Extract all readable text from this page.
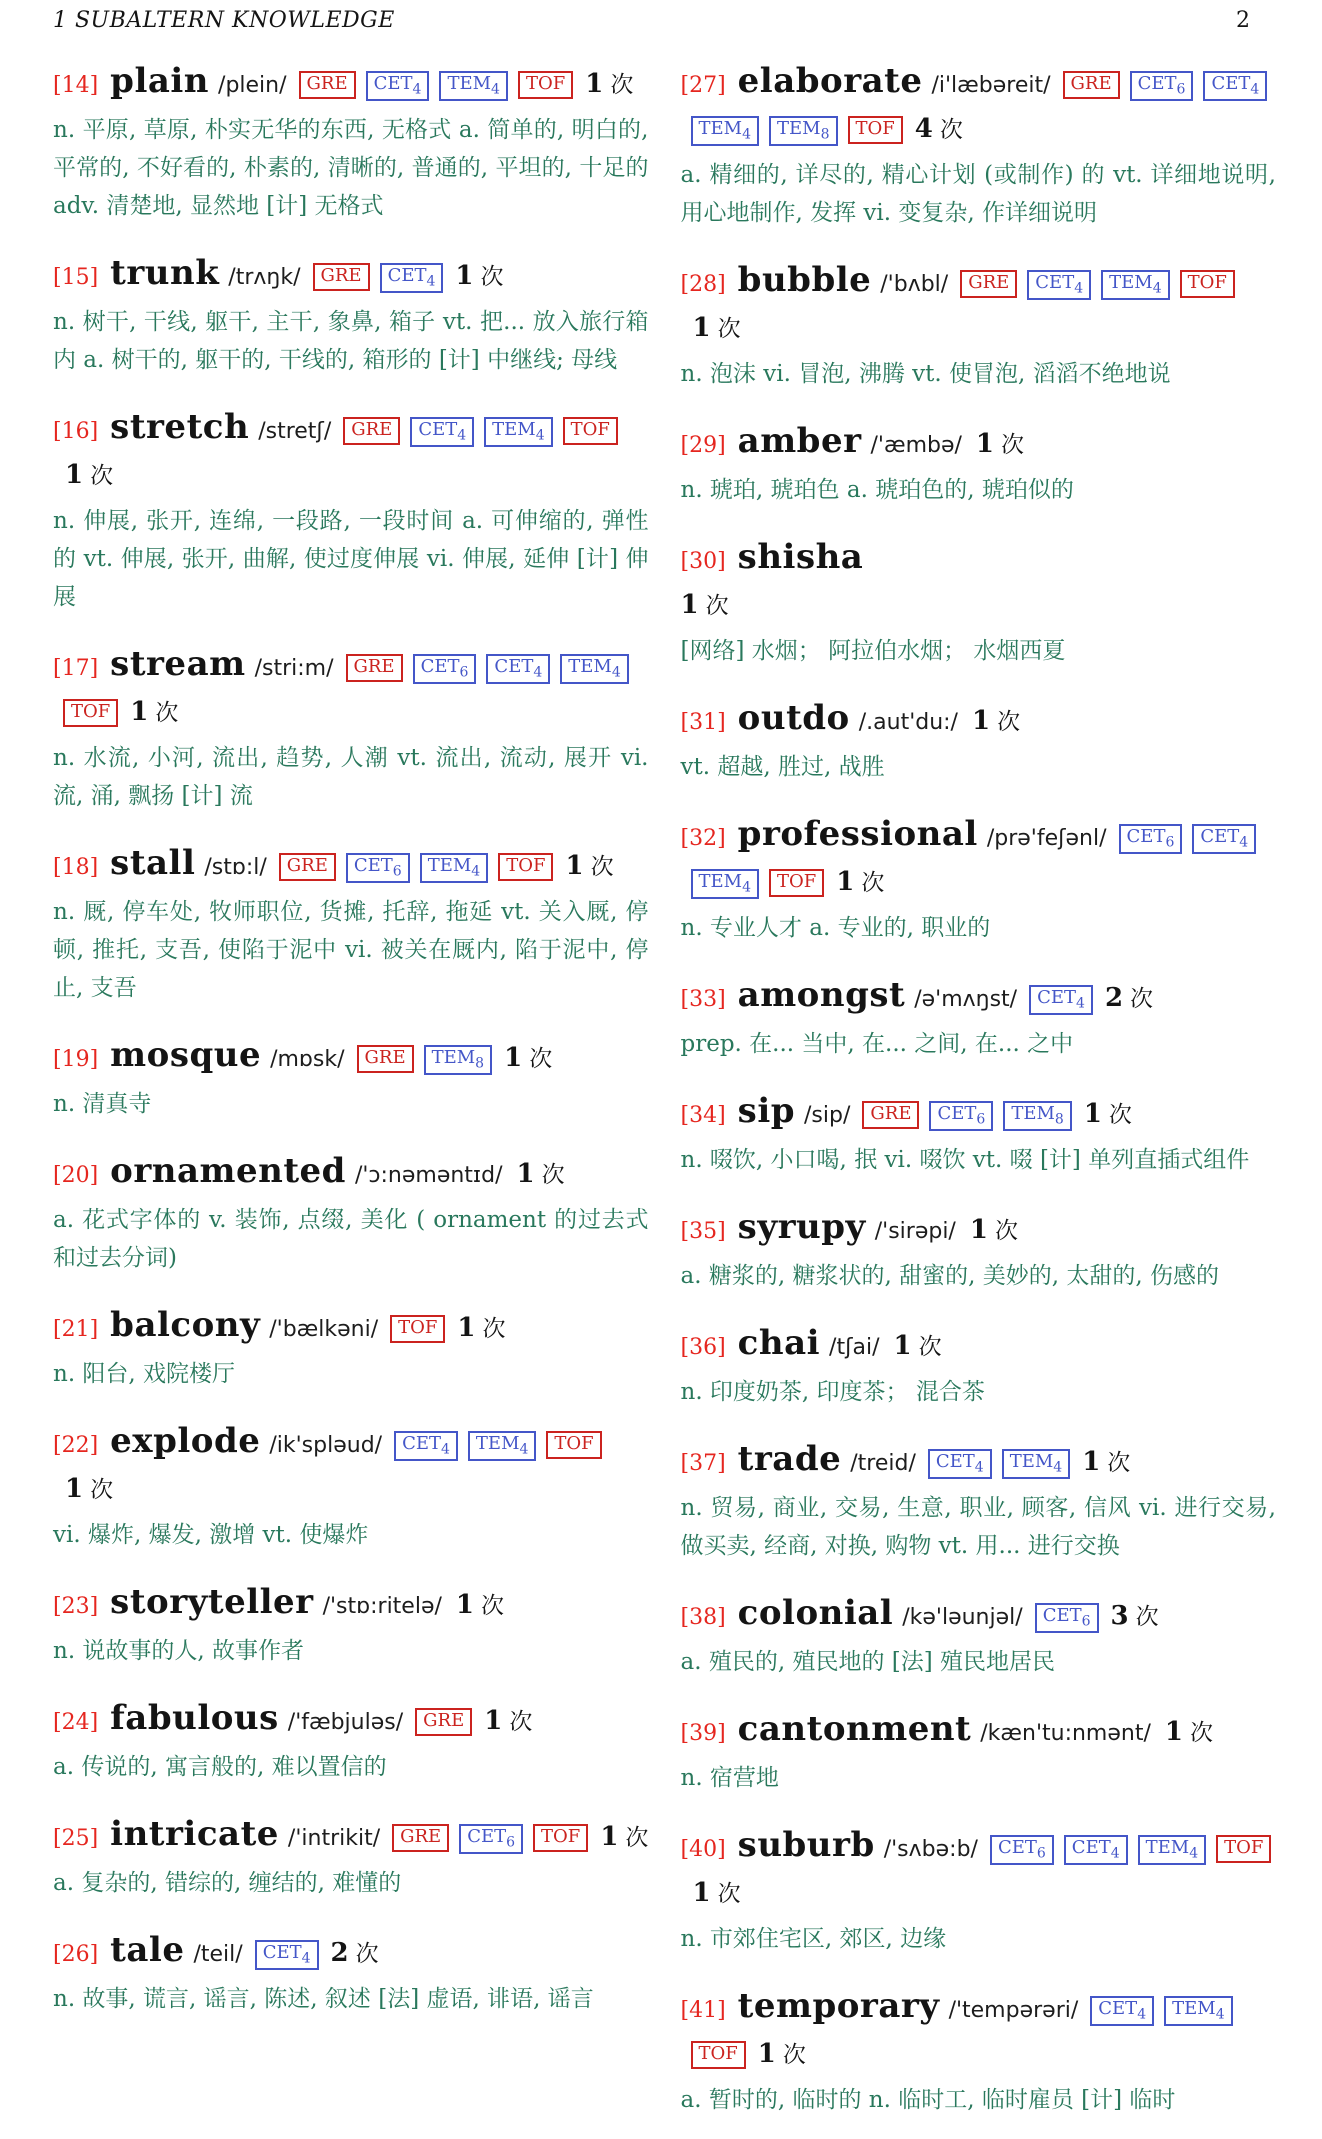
1 SUBALTERN KNOWLEDGE	2
[14] plain /plein/ GRE $CET_4$ $TEM_4$ TOF 1 次
n. 平原, 草原, 朴实无华的东西, 无格式 a. 简单的, 明白的, 平常的, 不好看的, 朴素的, 清晰的, 普通的, 平坦的, 十足的 adv. 清楚地, 显然地 [计] 无格式
[15] trunk /trʌŋk/ GRE $CET_4$ 1 次
n. 树干, 干线, 躯干, 主干, 象鼻, 箱子 vt. 把... 放入旅行箱内 a. 树干的, 躯干的, 干线的, 箱形的 [计] 中继线; 母线
[16] stretch /stretʃ/ GRE $CET_4$ $TEM_4$ TOF1 次
n. 伸展, 张开, 连绵, 一段路, 一段时间 a. 可伸缩的, 弹性的 vt. 伸展, 张开, 曲解, 使过度伸展 vi. 伸展, 延伸 [计] 伸展
[17] stream /stri:m/ GRE $CET_6$ $CET_4$ $TEM_4TOF$ 1 次
n. 水流, 小河, 流出, 趋势, 人潮 vt. 流出, 流动, 展开 vi. 流, 涌, 飘扬 [计] 流
[18] stall /stɒ:l/ GRE $CET_6$ $TEM_4$ TOF 1 次
n. 厩, 停车处, 牧师职位, 货摊, 托辞, 拖延 vt. 关入厩, 停顿, 推托, 支吾, 使陷于泥中 vi. 被关在厩内, 陷于泥中, 停止, 支吾
[19] mosque /mɒsk/ GRE $TEM_8$ 1 次
n. 清真寺
[20] ornamented /'ɔ:nəməntɪd/ 1 次
a. 花式字体的 v. 装饰, 点缀, 美化 ( ornament 的过去式和过去分词)
[21] balcony /'bælkəni/ TOF 1 次
n. 阳台, 戏院楼厅
[22] explode /ik'spləud/ $CET_4$ $TEM_4$ TOF1 次
vi. 爆炸, 爆发, 激增 vt. 使爆炸
[23] storyteller /'stɒ:ritelə/ 1 次
n. 说故事的人, 故事作者
[24] fabulous /'fæbjuləs/ GRE 1 次
a. 传说的, 寓言般的, 难以置信的
[25] intricate /'intrikit/ GRE $CET_6$ TOF 1 次
a. 复杂的, 错综的, 缠结的, 难懂的
[26] tale /teil/ $CET_4$ 2 次
n. 故事, 谎言, 谣言, 陈述, 叙述 [法] 虚语, 诽语, 谣言
[27] elaborate /i'læbəreit/ GRE $CET_6$ $CET_4TEM_4$ $TEM_8$ TOF 4 次
a. 精细的, 详尽的, 精心计划 (或制作) 的 vt. 详细地说明, 用心地制作, 发挥 vi. 变复杂, 作详细说明
[28] bubble /'bʌbl/ GRE $CET_4$ $TEM_4$ TOF1 次
n. 泡沫 vi. 冒泡, 沸腾 vt. 使冒泡, 滔滔不绝地说
[29] amber /'æmbə/ 1 次
n. 琥珀, 琥珀色 a. 琥珀色的, 琥珀似的
[30] shisha
1 次
[网络] 水烟； 阿拉伯水烟； 水烟西夏
[31] outdo /.aut'du:/ 1 次
vt. 超越, 胜过, 战胜
[32] professional /prə'feʃənl/ $CET_6$ $CET_4TEM_4$ TOF 1 次
n. 专业人才 a. 专业的, 职业的
[33] amongst /ə'mʌŋst/ $CET_4$ 2 次
prep. 在... 当中, 在... 之间, 在... 之中
[34] sip /sip/ GRE $CET_6$ $TEM_8$ 1 次
n. 啜饮, 小口喝, 抿 vi. 啜饮 vt. 啜 [计] 单列直插式组件
[35] syrupy /'sirəpi/ 1 次
a. 糖浆的, 糖浆状的, 甜蜜的, 美妙的, 太甜的, 伤感的
[36] chai /tʃai/ 1 次
n. 印度奶茶, 印度茶； 混合茶
[37] trade /treid/ $CET_4$ $TEM_4$ 1 次
n. 贸易, 商业, 交易, 生意, 职业, 顾客, 信风 vi. 进行交易, 做买卖, 经商, 对换, 购物 vt. 用... 进行交换
[38] colonial /kə'ləunjəl/ $CET_6$ 3 次
a. 殖民的, 殖民地的 [法] 殖民地居民
[39] cantonment /kæn'tu:nmənt/ 1 次
n. 宿营地
[40] suburb /'sʌbə:b/ $CET_6$ $CET_4$ $TEM_4$ TOF1 次
n. 市郊住宅区, 郊区, 边缘
[41] temporary /'tempərəri/ $CET_4$ $TEM_4TOF$ 1 次
a. 暂时的, 临时的 n. 临时工, 临时雇员 [计] 临时
